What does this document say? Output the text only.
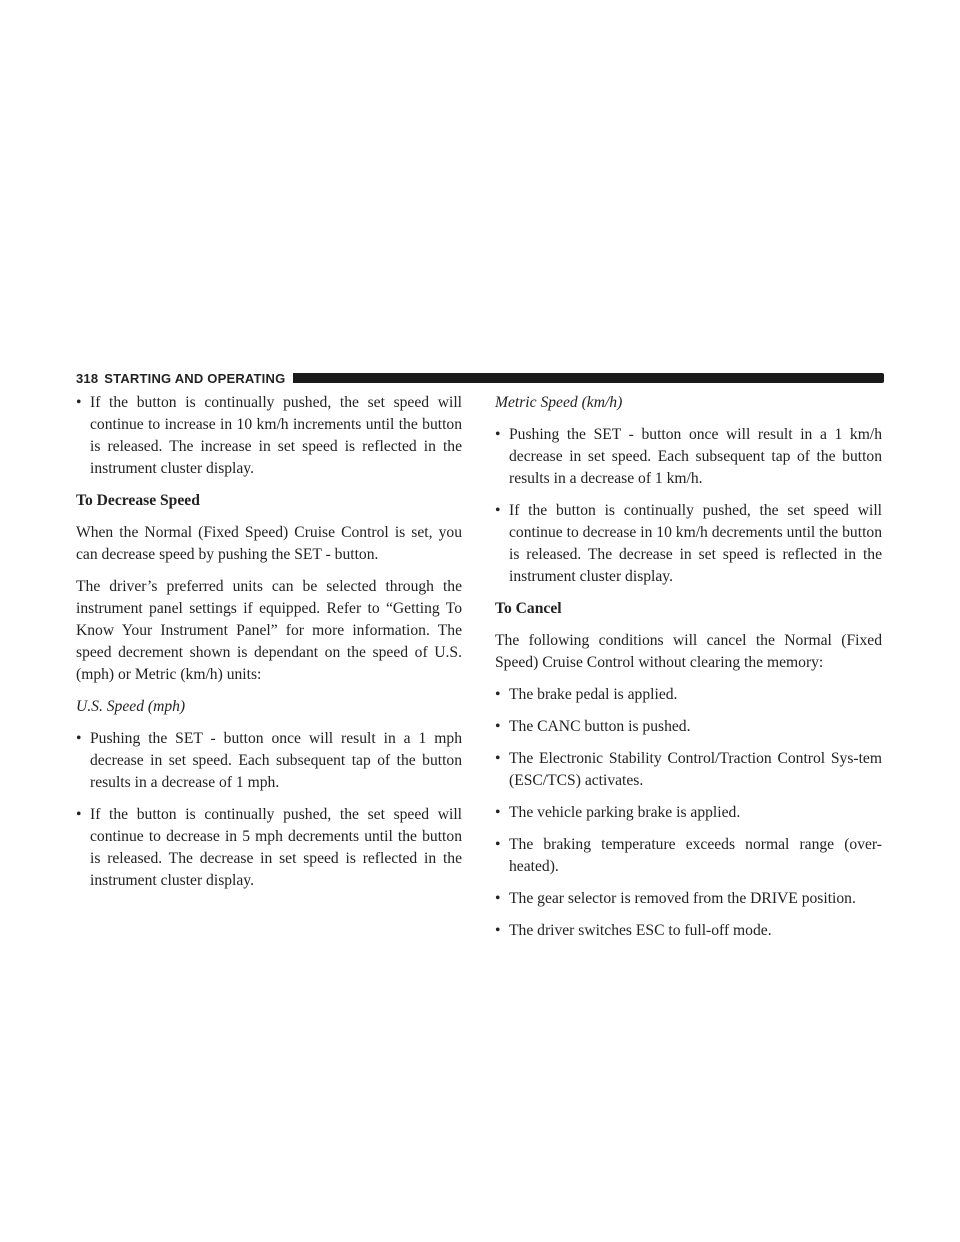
318 STARTING AND OPERATING

• If the button is continually pushed, the set speed will continue to increase in 10 km/h increments until the button is released. The increase in set speed is reflected in the instrument cluster display.

To Decrease Speed

When the Normal (Fixed Speed) Cruise Control is set, you can decrease speed by pushing the SET - button.

The driver’s preferred units can be selected through the instrument panel settings if equipped. Refer to “Getting To Know Your Instrument Panel” for more information. The speed decrement shown is dependant on the speed of U.S. (mph) or Metric (km/h) units:

U.S. Speed (mph)

• Pushing the SET - button once will result in a 1 mph decrease in set speed. Each subsequent tap of the button results in a decrease of 1 mph.

• If the button is continually pushed, the set speed will continue to decrease in 5 mph decrements until the button is released. The decrease in set speed is reflected in the instrument cluster display.

Metric Speed (km/h)

• Pushing the SET - button once will result in a 1 km/h decrease in set speed. Each subsequent tap of the button results in a decrease of 1 km/h.

• If the button is continually pushed, the set speed will continue to decrease in 10 km/h decrements until the button is released. The decrease in set speed is reflected in the instrument cluster display.

To Cancel

The following conditions will cancel the Normal (Fixed Speed) Cruise Control without clearing the memory:

• The brake pedal is applied.

• The CANC button is pushed.

• The Electronic Stability Control/Traction Control Sys-tem (ESC/TCS) activates.

• The vehicle parking brake is applied.

• The braking temperature exceeds normal range (over-heated).

• The gear selector is removed from the DRIVE position.

• The driver switches ESC to full-off mode.
